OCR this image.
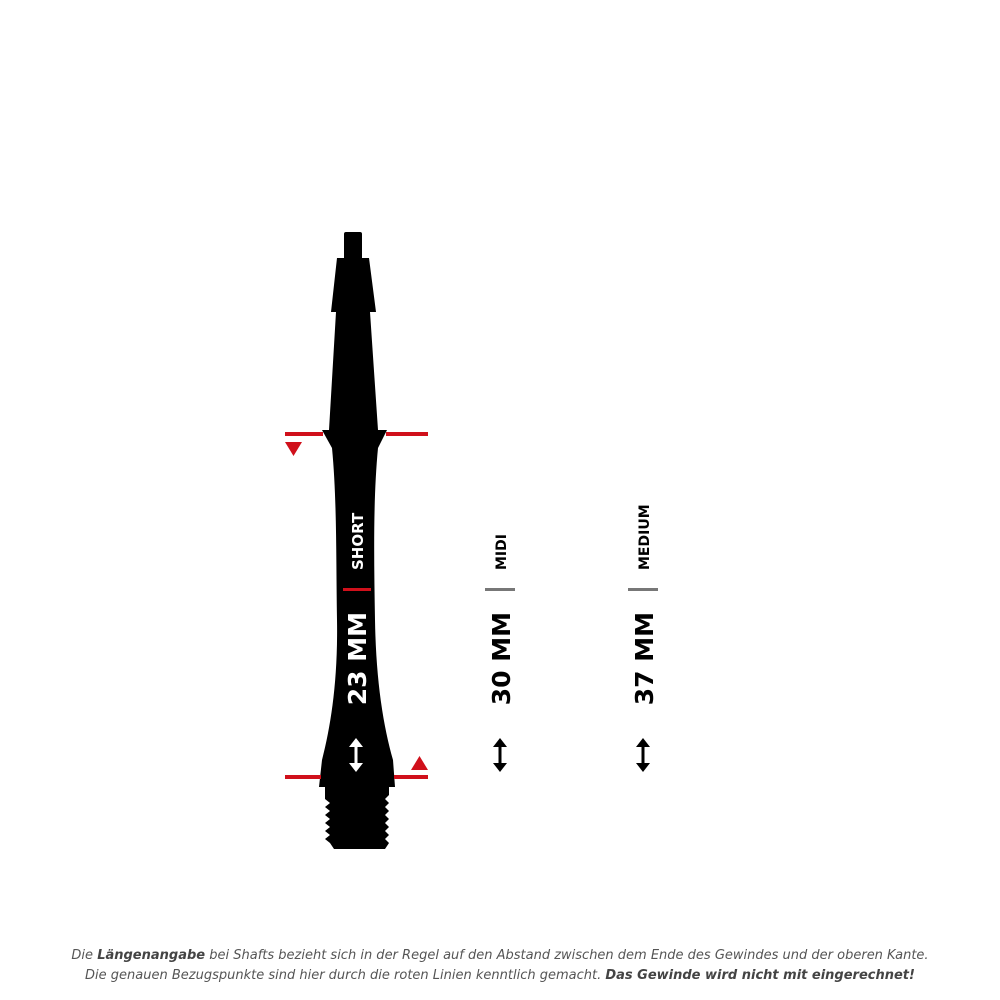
SHORT
23 MM
MIDI
30 MM
MEDIUM
37 MM
Die Längenangabe bei Shafts bezieht sich in der Regel auf den Abstand zwischen dem Ende des Gewindes und der oberen Kante.
Die genauen Bezugspunkte sind hier durch die roten Linien kenntlich gemacht. Das Gewinde wird nicht mit eingerechnet!
